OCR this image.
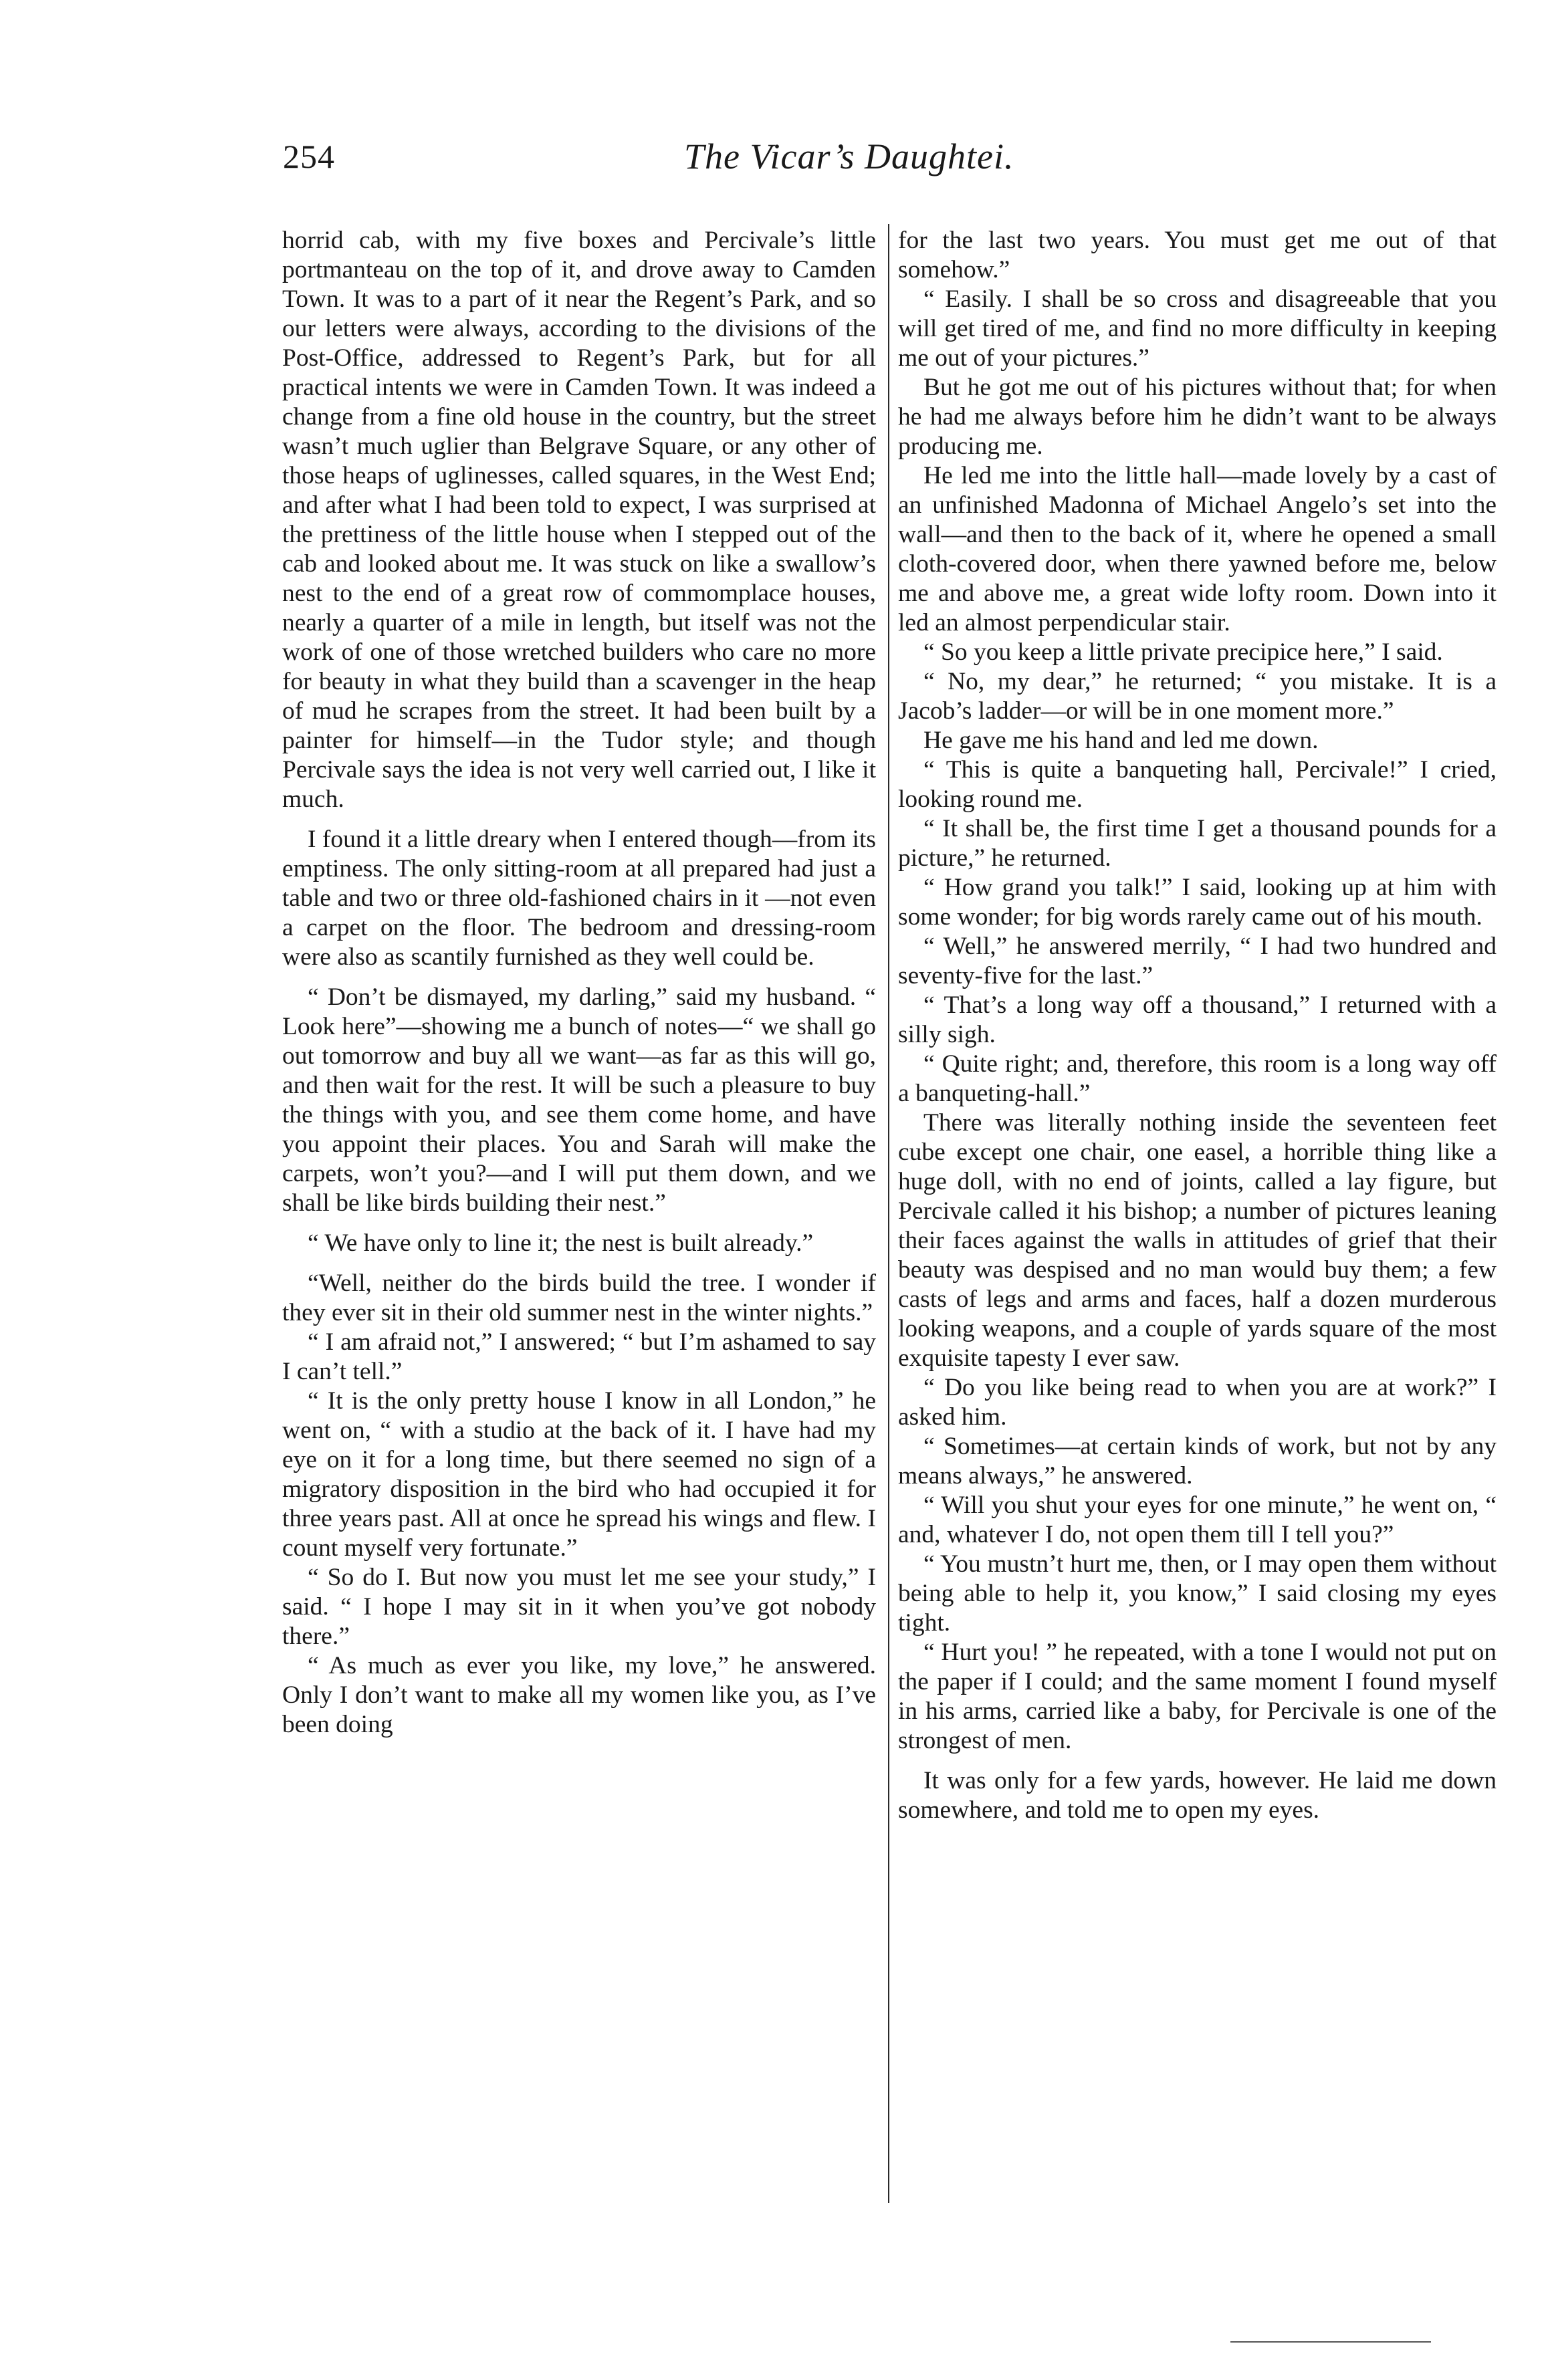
254	The Vicar’s Daughtei.

horrid cab, with my five boxes and Percivale’s little portmanteau on the top of it, and drove away to Camden Town. It was to a part of it near the Regent’s Park, and so our letters were always, according to the divisions of the Post-Office, addressed to Regent’s Park, but for all practical intents we were in Camden Town. It was indeed a change from a fine old house in the country, but the street wasn’t much uglier than Belgrave Square, or any other of those heaps of uglinesses, called squares, in the West End; and after what I had been told to expect, I was surprised at the prettiness of the little house when I stepped out of the cab and looked about me. It was stuck on like a swallow’s nest to the end of a great row of commomplace houses, nearly a quarter of a mile in length, but itself was not the work of one of those wretched builders who care no more for beauty in what they build than a scavenger in the heap of mud he scrapes from the street. It had been built by a painter for himself—in the Tudor style; and though Percivale says the idea is not very well carried out, I like it much.

I found it a little dreary when I entered though—from its emptiness. The only sitting-room at all prepared had just a table and two or three old-fashioned chairs in it —not even a carpet on the floor. The bedroom and dressing-room were also as scantily furnished as they well could be.

“ Don’t be dismayed, my darling,” said my husband. “ Look here”—showing me a bunch of notes—“ we shall go out tomorrow and buy all we want—as far as this will go, and then wait for the rest. It will be such a pleasure to buy the things with you, and see them come home, and have you appoint their places. You and Sarah will make the carpets, won’t you?—and I will put them down, and we shall be like birds building their nest.”

“ We have only to line it; the nest is built already.”

“Well, neither do the birds build the tree. I wonder if they ever sit in their old summer nest in the winter nights.”

“ I am afraid not,” I answered; “ but I’m ashamed to say I can’t tell.”

“ It is the only pretty house I know in all London,” he went on, “ with a studio at the back of it. I have had my eye on it for a long time, but there seemed no sign of a migratory disposition in the bird who had occupied it for three years past. All at once he spread his wings and flew. I count myself very fortunate.”

“ So do I. But now you must let me see your study,” I said. “ I hope I may sit in it when you’ve got nobody there.”

“ As much as ever you like, my love,” he answered. Only I don’t want to make all my women like you, as I’ve been doing

for the last two years. You must get me out of that somehow.”

“ Easily. I shall be so cross and disagreeable that you will get tired of me, and find no more difficulty in keeping me out of your pictures.”

But he got me out of his pictures without that; for when he had me always before him he didn’t want to be always producing me.

He led me into the little hall—made lovely by a cast of an unfinished Madonna of Michael Angelo’s set into the wall—and then to the back of it, where he opened a small cloth-covered door, when there yawned before me, below me and above me, a great wide lofty room. Down into it led an almost perpendicular stair.

“ So you keep a little private precipice here,” I said.

“ No, my dear,” he returned; “ you mistake. It is a Jacob’s ladder—or will be in one moment more.”

He gave me his hand and led me down.

“ This is quite a banqueting hall, Percivale!” I cried, looking round me.

“ It shall be, the first time I get a thousand pounds for a picture,” he returned.

“ How grand you talk!” I said, looking up at him with some wonder; for big words rarely came out of his mouth.

“ Well,” he answered merrily, “ I had two hundred and seventy-five for the last.”

“ That’s a long way off a thousand,” I returned with a silly sigh.

“ Quite right; and, therefore, this room is a long way off a banqueting-hall.”

There was literally nothing inside the seventeen feet cube except one chair, one easel, a horrible thing like a huge doll, with no end of joints, called a lay figure, but Percivale called it his bishop; a number of pictures leaning their faces against the walls in attitudes of grief that their beauty was despised and no man would buy them; a few casts of legs and arms and faces, half a dozen murderous looking weapons, and a couple of yards square of the most exquisite tapesty I ever saw.

“ Do you like being read to when you are at work?” I asked him.

“ Sometimes—at certain kinds of work, but not by any means always,” he answered.

“ Will you shut your eyes for one minute,” he went on, “ and, whatever I do, not open them till I tell you?”

“ You mustn’t hurt me, then, or I may open them without being able to help it, you know,” I said closing my eyes tight.

“ Hurt you! ” he repeated, with a tone I would not put on the paper if I could; and the same moment I found myself in his arms, carried like a baby, for Percivale is one of the strongest of men.

It was only for a few yards, however. He laid me down somewhere, and told me to open my eyes.
